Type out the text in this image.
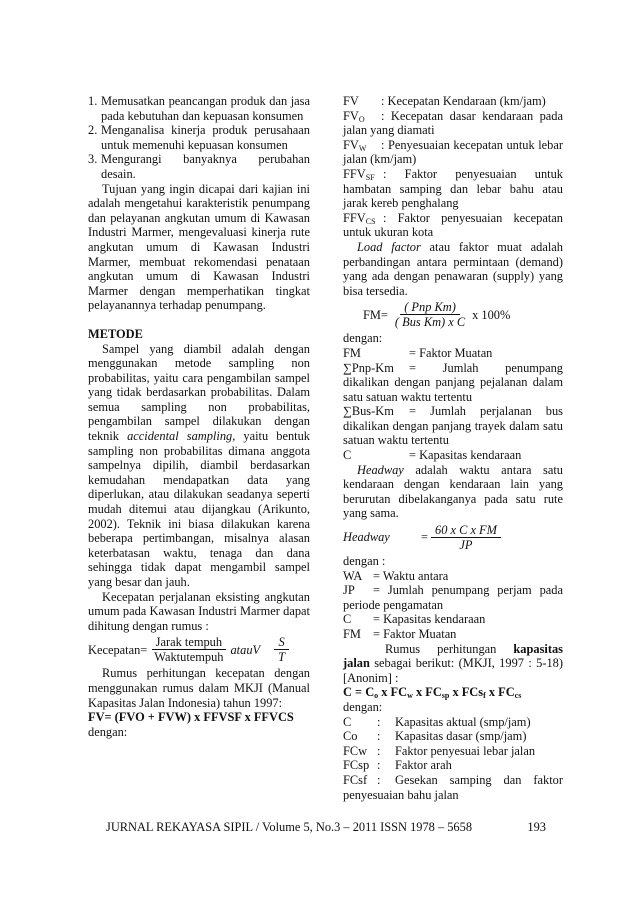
1. Memusatkan peancangan produk dan jasa pada kebutuhan dan kepuasan konsumen
2. Menganalisa kinerja produk perusahaan untuk memenuhi kepuasan konsumen
3. Mengurangi banyaknya perubahan desain.

Tujuan yang ingin dicapai dari kajian ini adalah mengetahui karakteristik penumpang dan pelayanan angkutan umum di Kawasan Industri Marmer, mengevaluasi kinerja rute angkutan umum di Kawasan Industri Marmer, membuat rekomendasi penataan angkutan umum di Kawasan Industri Marmer dengan memperhatikan tingkat pelayanannya terhadap penumpang.

METODE

Sampel yang diambil adalah dengan menggunakan metode sampling non probabilitas, yaitu cara pengambilan sampel yang tidak berdasarkan probabilitas. Dalam semua sampling non probabilitas, pengambilan sampel dilakukan dengan teknik accidental sampling, yaitu bentuk sampling non probabilitas dimana anggota sampelnya dipilih, diambil berdasarkan kemudahan mendapatkan data yang diperlukan, atau dilakukan seadanya seperti mudah ditemui atau dijangkau (Arikunto, 2002). Teknik ini biasa dilakukan karena beberapa pertimbangan, misalnya alasan keterbatasan waktu, tenaga dan dana sehingga tidak dapat mengambil sampel yang besar dan jauh.

Kecepatan perjalanan eksisting angkutan umum pada Kawasan Industri Marmer dapat dihitung dengan rumus :

Kecepatan= $\frac{\text{Jarak tempuh}}{\text{Waktutempuh}}$ atauV $\frac{S}{T}$

Rumus perhitungan kecepatan dengan menggunakan rumus dalam MKJI (Manual Kapasitas Jalan Indonesia) tahun 1997:

FV= (FVO + FVW) x FFVSF x FFVCS

dengan:

FV : Kecepatan Kendaraan (km/jam)

$FV_O$ : Kecepatan dasar kendaraan pada jalan yang diamati

$FV_W$ : Penyesuaian kecepatan untuk lebar jalan (km/jam)

$FFV_{SF}$ : Faktor penyesuaian untuk hambatan samping dan lebar bahu atau jarak kereb penghalang

$FFV_{CS}$ : Faktor penyesuaian kecepatan untuk ukuran kota

Load factor atau faktor muat adalah perbandingan antara permintaan (demand) yang ada dengan penawaran (supply) yang bisa tersedia.

$FM= \frac{\text{( Pnp Km)}}{\text{( Bus Km) x C}}$ x 100%

dengan:

FM	= Faktor Muatan

∑Pnp-Km = Jumlah penumpang dikalikan dengan panjang pejalanan dalam satu satuan waktu tertentu

∑Bus-Km = Jumlah perjalanan bus dikalikan dengan panjang trayek dalam satu satuan waktu tertentu

C	= Kapasitas kendaraan

Headway adalah waktu antara satu kendaraan dengan kendaraan lain yang berurutan dibelakanganya pada satu rute yang sama.

Headway	= $\frac{\text{60 x C x FM}}{JP}$

dengan :

WA = Waktu antara

JP = Jumlah penumpang perjam pada periode pengamatan

C = Kapasitas kendaraan

FM = Faktor Muatan

Rumus perhitungan kapasitas jalan sebagai berikut: (MKJI, 1997 : 5-18) [Anonim] :

$C = C_o$ x $FC_w$ x $FC_{sp}$ x FCs$_f$ x $FC_{cs}$

dengan:

C : Kapasitas aktual (smp/jam)

Co : Kapasitas dasar (smp/jam)

FCw : Faktor penyesuai lebar jalan

FCsp : Faktor arah

FCsf : Gesekan samping dan faktor penyesuaian bahu jalan

JURNAL REKAYASA SIPIL / Volume 5, No.3 – 2011 ISSN 1978 – 5658	193
